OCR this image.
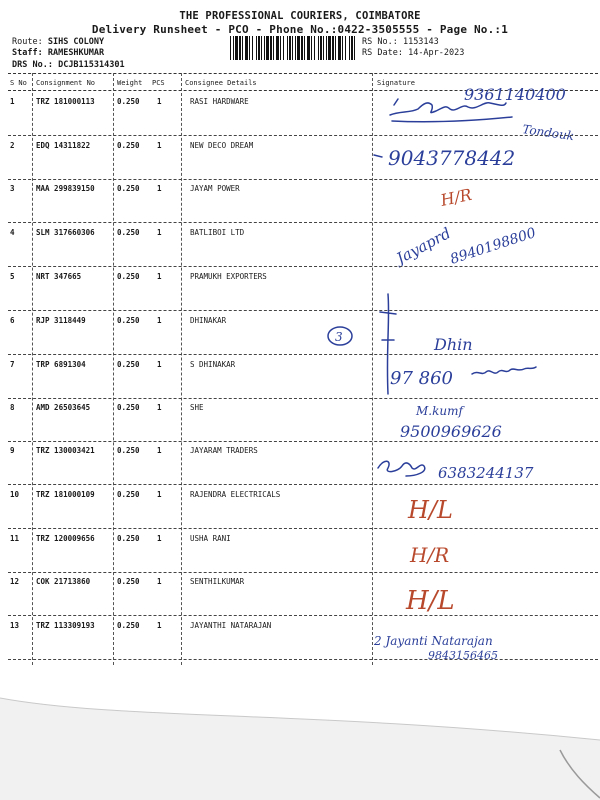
THE PROFESSIONAL COURIERS, COIMBATORE
Delivery Runsheet - PCO - Phone No.:0422-3505555 - Page No.:1
Route: SIHS COLONY
Staff: RAMESHKUMAR
DRS No.: DCJB115314301
RS No.: 1153143
RS Date: 14-Apr-2023
S No Consignment No	Weight PCS	Consignee Details	Signature
1	TRZ 181000113	0.250 1	RASI HARDWARE	9361140400
Tondouk
2	EDQ 14311822	0.250 1	NEW DECO DREAM
9043778442
3	MAA 299839150	0.250 1	JAYAM POWER	H/R
4	SLM 317660306	0.250 1	BATLIBOI LTD	Jayaprd
8940198800
5	NRT 347665	0.250 1	PRAMUKH EXPORTERS
6	RJP 3118449	0.250 1	DHINAKAR
3	Dhin
7	TRP 6891304	0.250 1	S DHINAKAR
97 860
8	AMD 26503645	0.250 1	SHE	M.kumf
9500969626
9	TRZ 130003421	0.250 1	JAYARAM TRADERS
6383244137
10 TRZ 181000109	0.250 1	RAJENDRA ELECTRICALS
H/L
11 TRZ 120009656	0.250 1	USHA RANI
H/R
12 COK 21713860	0.250 1	SENTHILKUMAR
H/L
13 TRZ 113309193	0.250 1	JAYANTHI NATARAJAN
2 Jayanti Natarajan
9843156465
